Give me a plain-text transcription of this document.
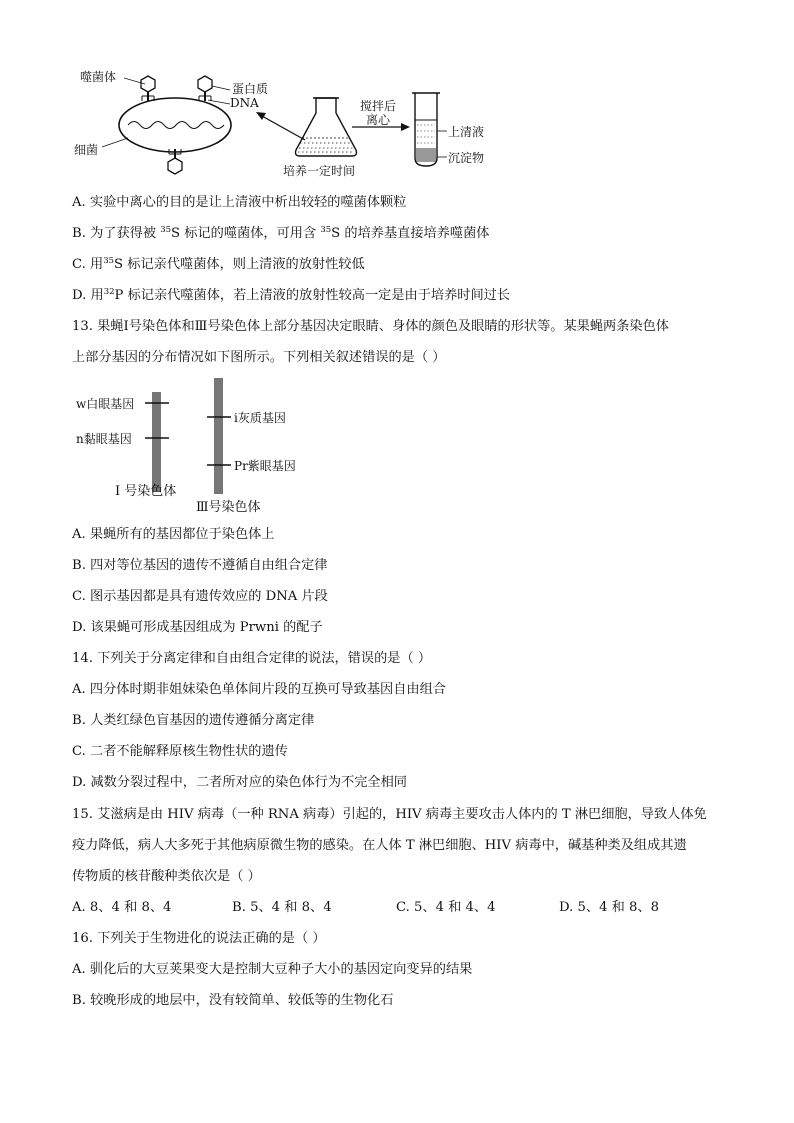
噬菌体
蛋白质
DNA
细菌
培养一定时间
搅拌后
离心
上清液
沉淀物
A. 实验中离心的目的是让上清液中析出较轻的噬菌体颗粒
B. 为了获得被 $^{35}$S 标记的噬菌体，可用含 $^{35}$S 的培养基直接培养噬菌体
C. 用$^{35}$S 标记亲代噬菌体，则上清液的放射性较低
D. 用$^{32}$P 标记亲代噬菌体，若上清液的放射性较高一定是由于培养时间过长
13. 果蝇Ⅰ号染色体和Ⅲ号染色体上部分基因决定眼睛、身体的颜色及眼睛的形状等。某果蝇两条染色体
上部分基因的分布情况如下图所示。下列相关叙述错误的是（ ）
w白眼基因
n黏眼基因
i灰质基因
Pr紫眼基因
Ⅰ 号染色体
Ⅲ号染色体
A. 果蝇所有的基因都位于染色体上
B. 四对等位基因的遗传不遵循自由组合定律
C. 图示基因都是具有遗传效应的 DNA 片段
D. 该果蝇可形成基因组成为 Prwni 的配子
14. 下列关于分离定律和自由组合定律的说法，错误的是（ ）
A. 四分体时期非姐妹染色单体间片段的互换可导致基因自由组合
B. 人类红绿色盲基因的遗传遵循分离定律
C. 二者不能解释原核生物性状的遗传
D. 减数分裂过程中，二者所对应的染色体行为不完全相同
15. 艾滋病是由 HIV 病毒（一种 RNA 病毒）引起的，HIV 病毒主要攻击人体内的 T 淋巴细胞，导致人体免
疫力降低，病人大多死于其他病原微生物的感染。在人体 T 淋巴细胞、HIV 病毒中，碱基种类及组成其遗
传物质的核苷酸种类依次是（ ）
A. 8、4 和 8、4	B. 5、4 和 8、4	C. 5、4 和 4、4	D. 5、4 和 8、8
16. 下列关于生物进化的说法正确的是（ ）
A. 驯化后的大豆荚果变大是控制大豆种子大小的基因定向变异的结果
B. 较晚形成的地层中，没有较简单、较低等的生物化石
